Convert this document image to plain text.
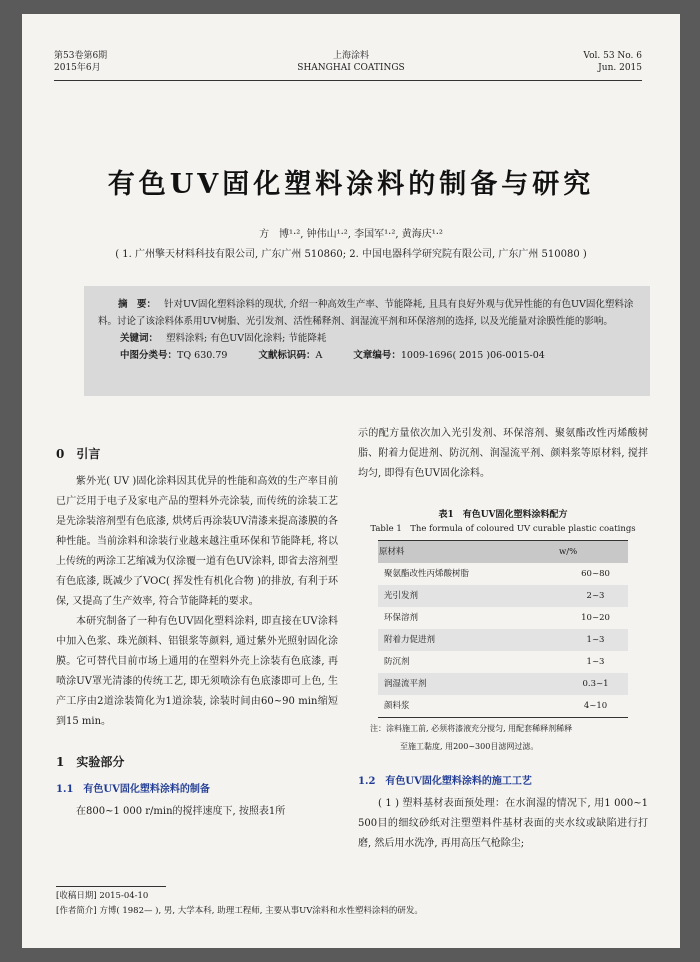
第53卷第6期
2015年6月
上海涂料
SHANGHAI COATINGS
Vol. 53 No. 6
Jun. 2015
有色UV固化塑料涂料的制备与研究
方　博¹·², 钟伟山¹·², 李国军¹·², 黄海庆¹·²
( 1. 广州擎天材料科技有限公司, 广东广州 510860; 2. 中国电器科学研究院有限公司, 广东广州 510080 )
摘　要： 针对UV固化塑料涂料的现状, 介绍一种高效生产率、节能降耗, 且具有良好外观与优异性能的有色UV固化塑料涂料。讨论了该涂料体系用UV树脂、光引发剂、活性稀释剂、润湿流平剂和环保溶剂的选择, 以及光能量对涂膜性能的影响。
关键词： 塑料涂料; 有色UV固化涂料; 节能降耗
中图分类号：TQ 630.79	文献标识码：A	文章编号：1009-1696( 2015 )06-0015-04
0　引言

紫外光( UV )固化涂料因其优异的性能和高效的生产率目前已广泛用于电子及家电产品的塑料外壳涂装, 而传统的涂装工艺是先涂装溶剂型有色底漆, 烘烤后再涂装UV清漆来提高漆膜的各种性能。当前涂料和涂装行业越来越注重环保和节能降耗, 将以上传统的两涂工艺缩减为仅涂覆一道有色UV涂料, 即省去溶剂型有色底漆, 既减少了VOC( 挥发性有机化合物 )的排放, 有利于环保, 又提高了生产效率, 符合节能降耗的要求。

本研究制备了一种有色UV固化塑料涂料, 即直接在UV涂料中加入色浆、珠光颜料、铝银浆等颜料, 通过紫外光照射固化涂膜。它可替代目前市场上通用的在塑料外壳上涂装有色底漆, 再喷涂UV罩光清漆的传统工艺, 即无须喷涂有色底漆即可上色, 生产工序由2道涂装简化为1道涂装, 涂装时间由60~90 min缩短到15 min。

1　实验部分
1.1　有色UV固化塑料涂料的制备

在800~1 000 r/min的搅拌速度下, 按照表1所

示的配方量依次加入光引发剂、环保溶剂、聚氨酯改性丙烯酸树脂、附着力促进剂、防沉剂、润湿流平剂、颜料浆等原材料, 搅拌均匀, 即得有色UV固化涂料。

表1　有色UV固化塑料涂料配方
Table 1　The formula of coloured UV curable plastic coatings
原材料	w/%
聚氨酯改性丙烯酸树脂	60~80
光引发剂	2~3
环保溶剂	10~20
附着力促进剂	1~3
防沉剂	1~3
润湿流平剂	0.3~1
颜料浆	4~10
注：涂料施工前, 必须将漆液充分搅匀, 用配套稀释剂稀释
至施工黏度, 用200~300目滤网过滤。
1.2　有色UV固化塑料涂料的施工工艺

( 1 ) 塑料基材表面预处理：在水润湿的情况下, 用1 000~1 500目的细纹砂纸对注塑塑料件基材表面的夹水纹或缺陷进行打磨, 然后用水洗净, 再用高压气枪除尘;

[收稿日期] 2015-04-10
[作者简介] 方博( 1982— ), 男, 大学本科, 助理工程师, 主要从事UV涂料和水性塑料涂料的研发。
